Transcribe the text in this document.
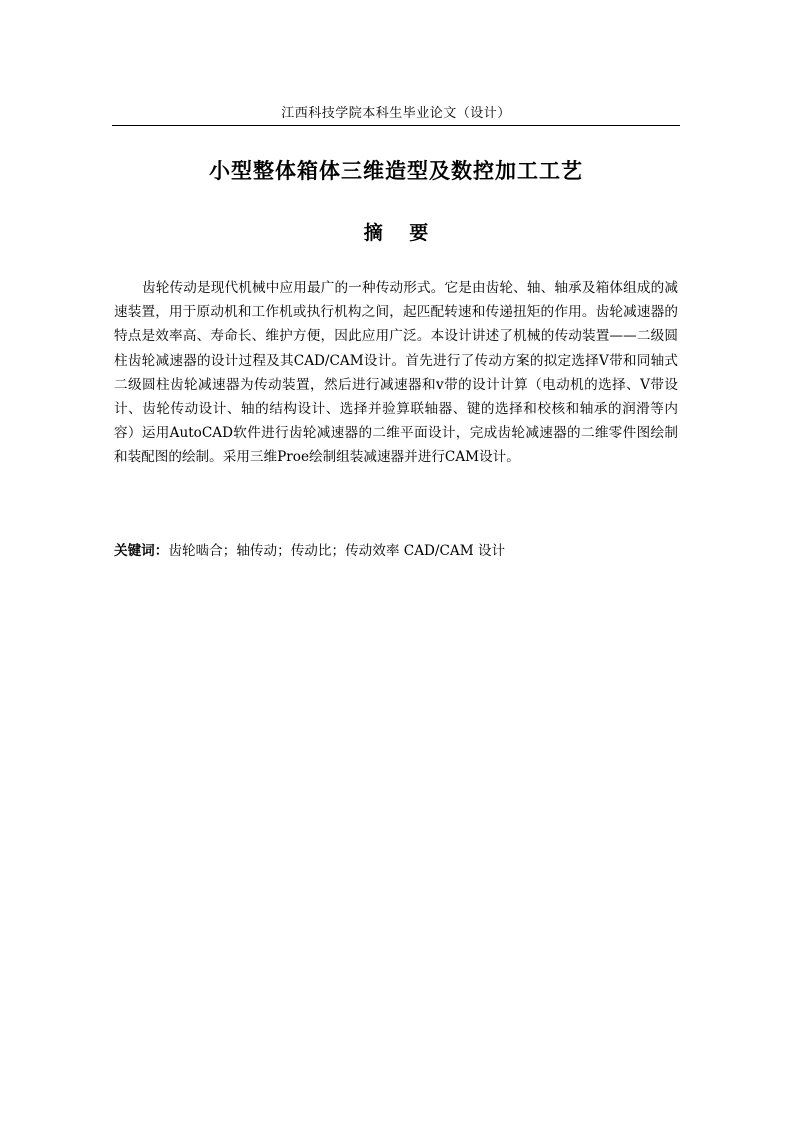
江西科技学院本科生毕业论文（设计）
小型整体箱体三维造型及数控加工工艺
摘 要

齿轮传动是现代机械中应用最广的一种传动形式。它是由齿轮、轴、轴承及箱体组成的减速装置，用于原动机和工作机或执行机构之间，起匹配转速和传递扭矩的作用。齿轮减速器的特点是效率高、寿命长、维护方便，因此应用广泛。本设计讲述了机械的传动装置——二级圆柱齿轮减速器的设计过程及其CAD/CAM设计。首先进行了传动方案的拟定选择V带和同轴式二级圆柱齿轮减速器为传动装置，然后进行减速器和v带的设计计算（电动机的选择、V带设计、齿轮传动设计、轴的结构设计、选择并验算联轴器、键的选择和校核和轴承的润滑等内容）运用AutoCAD软件进行齿轮减速器的二维平面设计，完成齿轮减速器的二维零件图绘制和装配图的绘制。采用三维Proe绘制组装减速器并进行CAM设计。

关键词：齿轮啮合；轴传动；传动比；传动效率 CAD/CAM 设计
